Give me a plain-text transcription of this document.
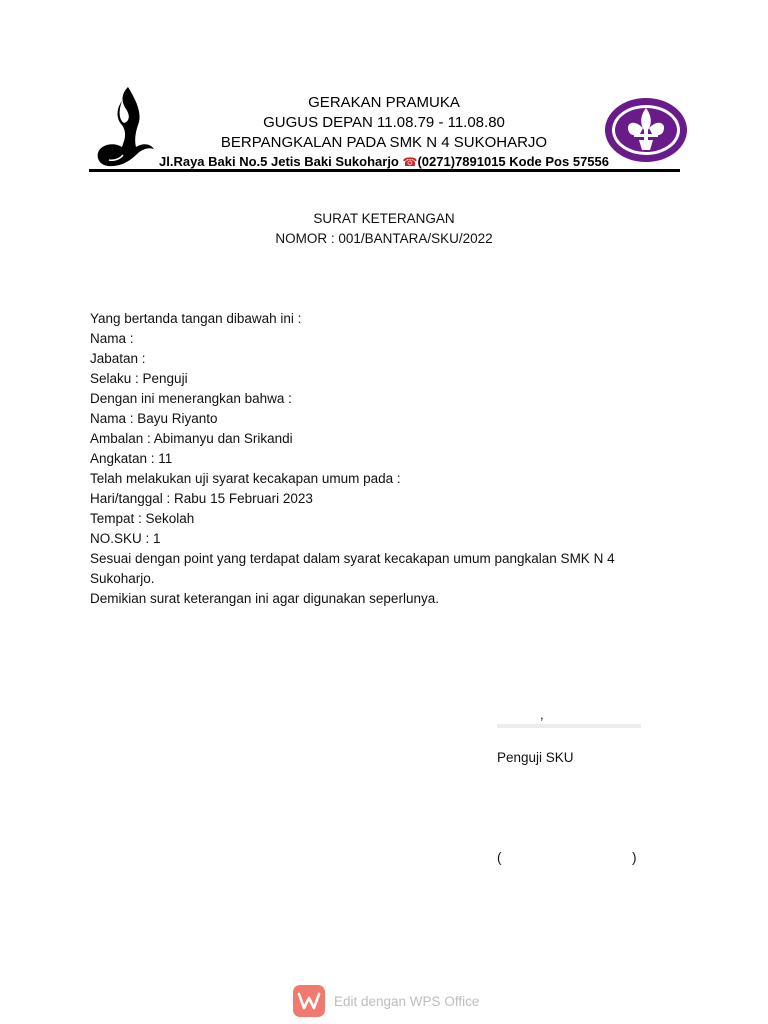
GERAKAN PRAMUKA
GUGUS DEPAN 11.08.79 - 11.08.80
BERPANGKALAN PADA SMK N 4 SUKOHARJO
Jl.Raya Baki No.5 Jetis Baki Sukoharjo ☎(0271)7891015 Kode Pos 57556
SURAT KETERANGAN
NOMOR : 001/BANTARA/SKU/2022
Yang bertanda tangan dibawah ini :
Nama :
Jabatan :
Selaku : Penguji
Dengan ini menerangkan bahwa :
Nama : Bayu Riyanto
Ambalan : Abimanyu dan Srikandi
Angkatan : 11
Telah melakukan uji syarat kecakapan umum pada :
Hari/tanggal : Rabu 15 Februari 2023
Tempat : Sekolah
NO.SKU : 1
Sesuai dengan point yang terdapat dalam syarat kecakapan umum pangkalan SMK N 4
Sukoharjo.
Demikian surat keterangan ini agar digunakan seperlunya.
,
Penguji SKU
(	)
Edit dengan WPS Office
